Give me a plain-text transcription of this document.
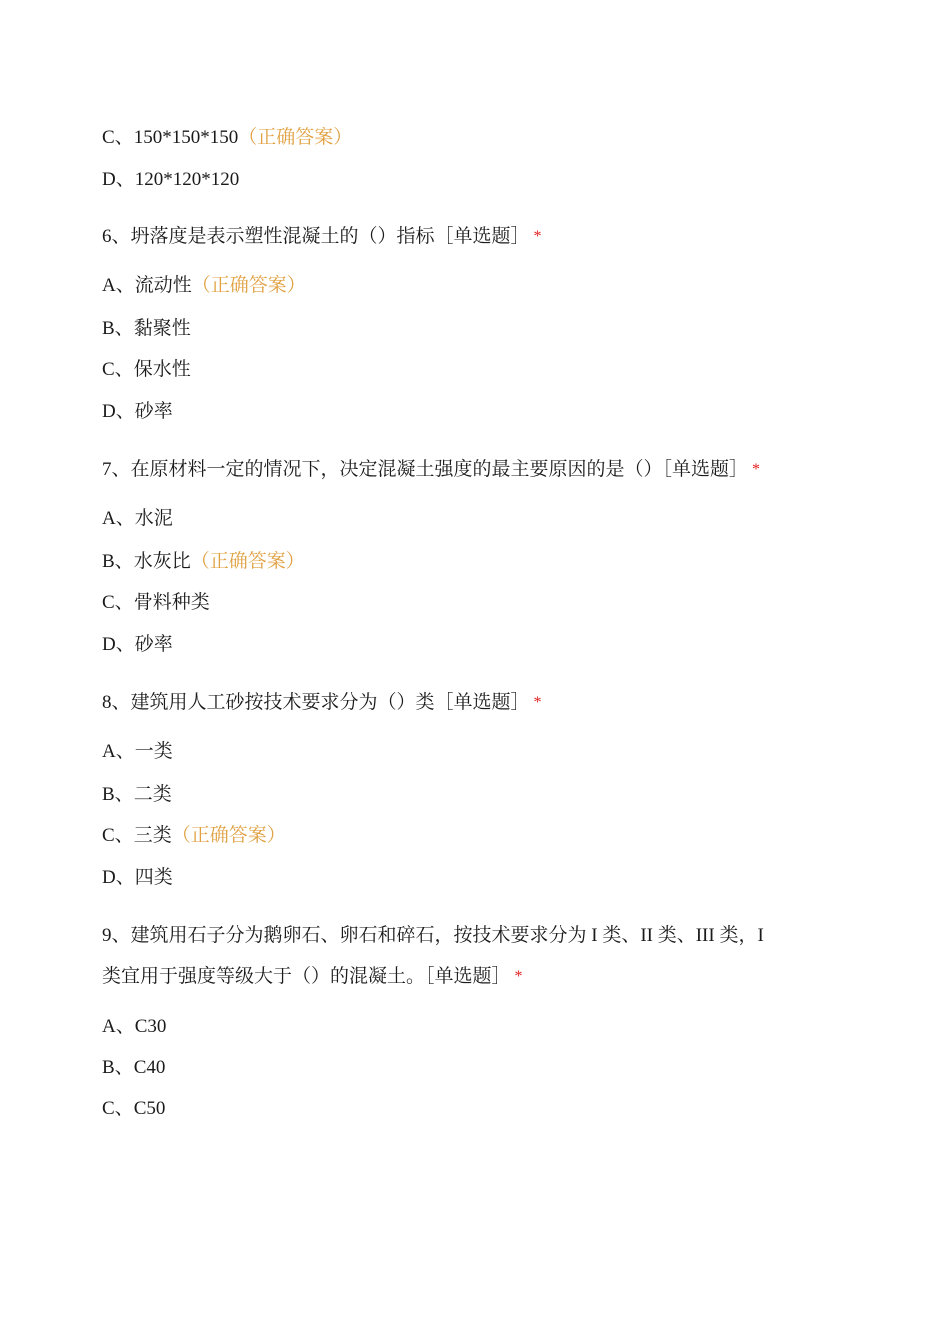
C、150*150*150（正确答案）
D、120*120*120
6、坍落度是表示塑性混凝土的（）指标［单选题］ *
A、流动性（正确答案）
B、黏聚性
C、保水性
D、砂率
7、在原材料一定的情况下，决定混凝土强度的最主要原因的是（）［单选题］ *
A、水泥
B、水灰比（正确答案）
C、骨料种类
D、砂率
8、建筑用人工砂按技术要求分为（）类［单选题］ *
A、一类
B、二类
C、三类（正确答案）
D、四类
9、建筑用石子分为鹅卵石、卵石和碎石，按技术要求分为 I 类、II 类、III 类，I
类宜用于强度等级大于（）的混凝土。［单选题］ *
A、C30
B、C40
C、C50
